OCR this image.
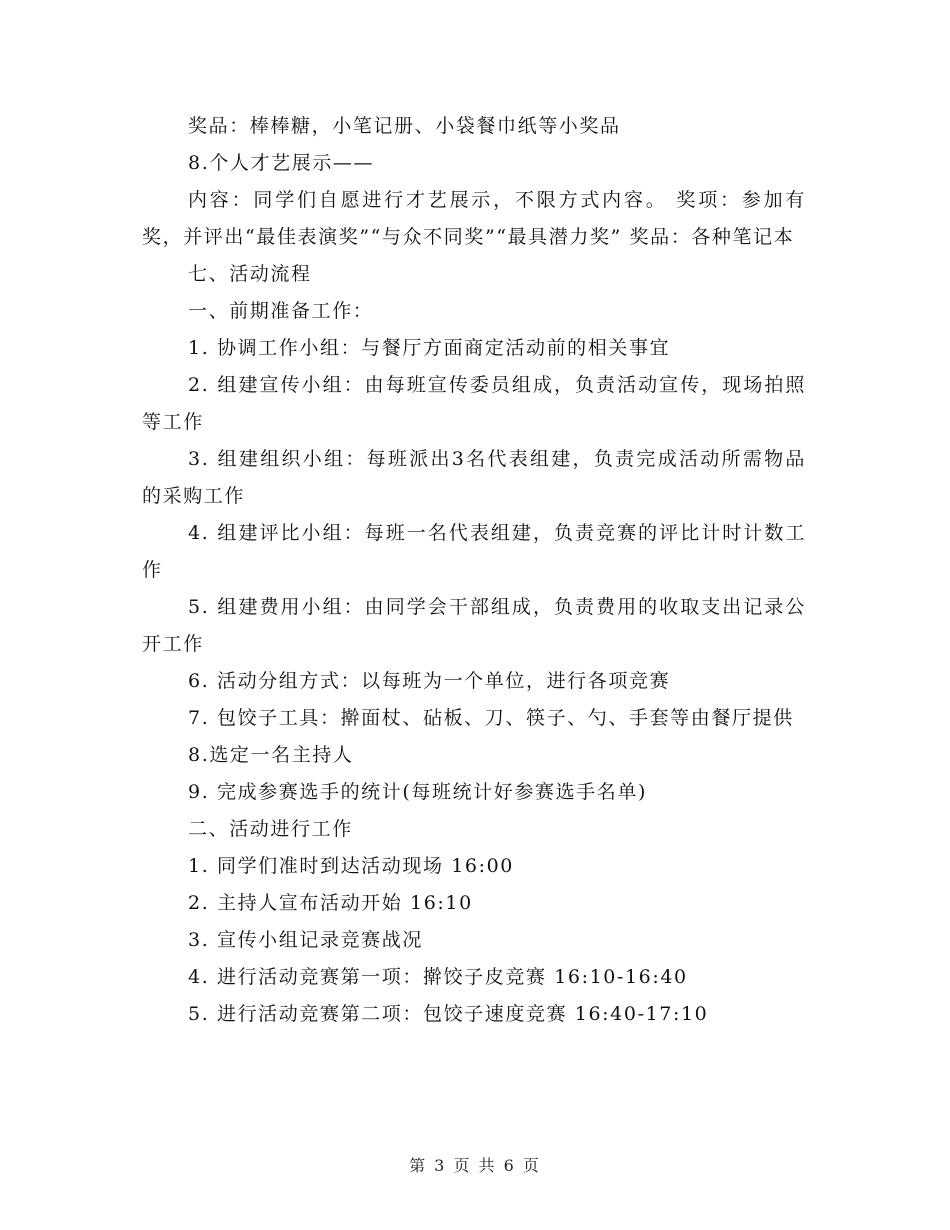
奖品：棒棒糖，小笔记册、小袋餐巾纸等小奖品

8.个人才艺展示——

内容：同学们自愿进行才艺展示，不限方式内容。 奖项：参加有奖，并评出“最佳表演奖”“与众不同奖”“最具潜力奖” 奖品：各种笔记本

七、活动流程

一、前期准备工作：

1. 协调工作小组：与餐厅方面商定活动前的相关事宜

2. 组建宣传小组：由每班宣传委员组成，负责活动宣传，现场拍照等工作

3. 组建组织小组：每班派出3名代表组建，负责完成活动所需物品的采购工作

4. 组建评比小组：每班一名代表组建，负责竞赛的评比计时计数工作

5. 组建费用小组：由同学会干部组成，负责费用的收取支出记录公开工作

6. 活动分组方式：以每班为一个单位，进行各项竞赛

7. 包饺子工具：擀面杖、砧板、刀、筷子、勺、手套等由餐厅提供

8.选定一名主持人

9. 完成参赛选手的统计(每班统计好参赛选手名单)

二、活动进行工作

1. 同学们准时到达活动现场 16:00

2. 主持人宣布活动开始 16:10

3. 宣传小组记录竞赛战况

4. 进行活动竞赛第一项：擀饺子皮竞赛 16:10-16:40

5. 进行活动竞赛第二项：包饺子速度竞赛 16:40-17:10

第 3 页 共 6 页
